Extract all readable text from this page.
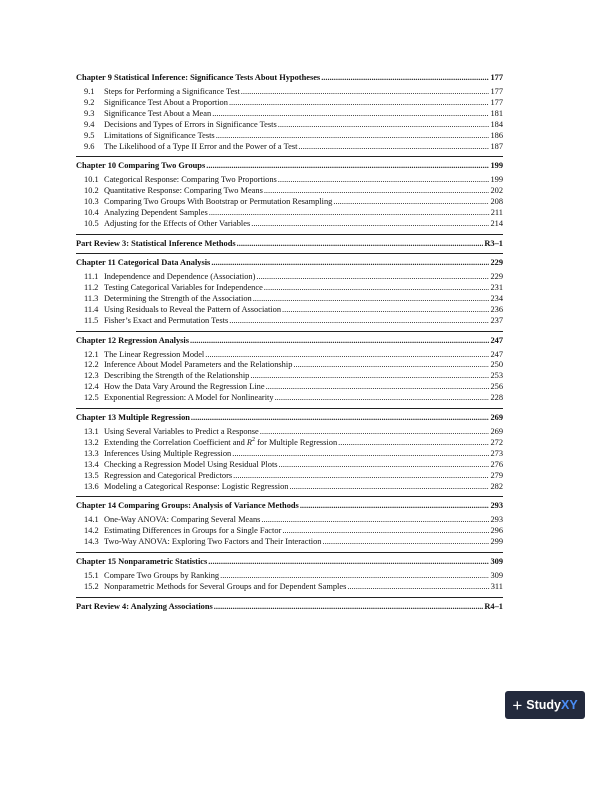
Chapter 9 Statistical Inference: Significance Tests About Hypotheses .....	177
9.1	Steps for Performing a Significance Test .....	177
9.2	Significance Test About a Proportion .....	177
9.3	Significance Test About a Mean .....	181
9.4	Decisions and Types of Errors in Significance Tests .....	184
9.5	Limitations of Significance Tests .....	186
9.6	The Likelihood of a Type II Error and the Power of a Test .....	187
Chapter 10 Comparing Two Groups .....	199
10.1 Categorical Response: Comparing Two Proportions .....	199
10.2 Quantitative Response: Comparing Two Means .....	202
10.3 Comparing Two Groups With Bootstrap or Permutation Resampling .....	208
10.4 Analyzing Dependent Samples .....	211
10.5 Adjusting for the Effects of Other Variables .....	214
Part Review 3: Statistical Inference Methods .....	R3–1
Chapter 11 Categorical Data Analysis .....	229
11.1 Independence and Dependence (Association) .....	229
11.2 Testing Categorical Variables for Independence .....	231
11.3 Determining the Strength of the Association .....	234
11.4 Using Residuals to Reveal the Pattern of Association .....	236
11.5 Fisher’s Exact and Permutation Tests .....	237
Chapter 12 Regression Analysis .....	247
12.1 The Linear Regression Model .....	247
12.2 Inference About Model Parameters and the Relationship .....	250
12.3 Describing the Strength of the Relationship .....	253
12.4 How the Data Vary Around the Regression Line .....	256
12.5 Exponential Regression: A Model for Nonlinearity .....	228
Chapter 13 Multiple Regression .....	269
13.1 Using Several Variables to Predict a Response .....	269
13.2 Extending the Correlation Coefficient and $R^2$ for Multiple Regression .....	272
13.3 Inferences Using Multiple Regression .....	273
13.4 Checking a Regression Model Using Residual Plots .....	276
13.5 Regression and Categorical Predictors .....	279
13.6 Modeling a Categorical Response: Logistic Regression .....	282
Chapter 14 Comparing Groups: Analysis of Variance Methods .....	293
14.1 One-Way ANOVA: Comparing Several Means .....	293
14.2 Estimating Differences in Groups for a Single Factor .....	296
14.3 Two-Way ANOVA: Exploring Two Factors and Their Interaction .....	299
Chapter 15 Nonparametric Statistics .....	309
15.1 Compare Two Groups by Ranking .....	309
15.2 Nonparametric Methods for Several Groups and for Dependent Samples .....	311
Part Review 4: Analyzing Associations .....	R4–1
+ Study XY
